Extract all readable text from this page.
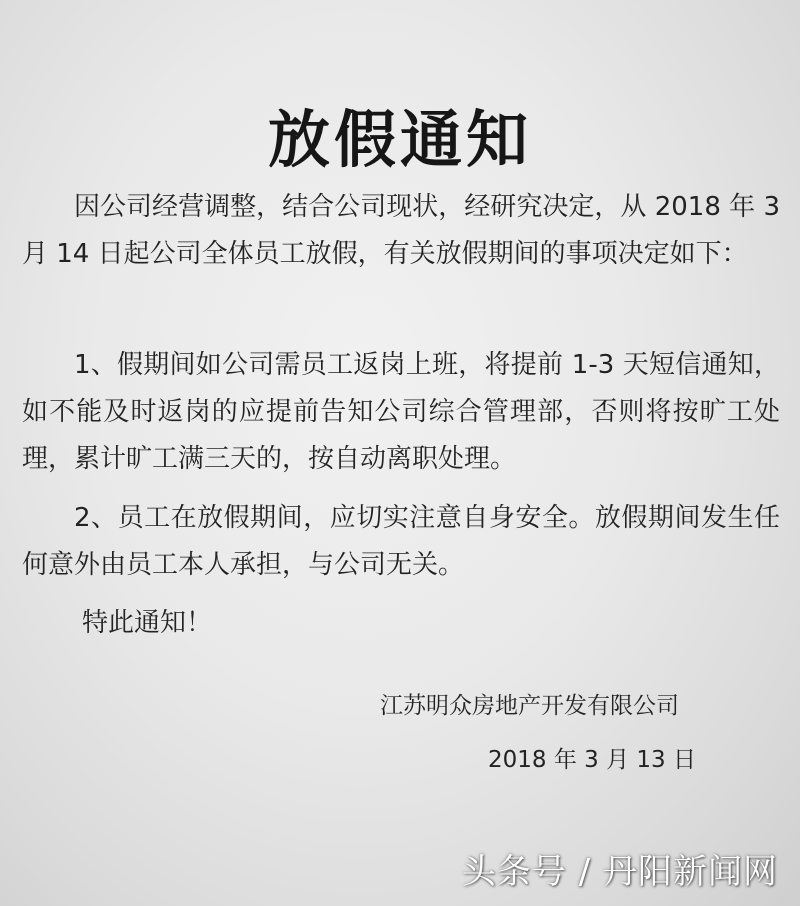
放假通知

因公司经营调整，结合公司现状，经研究决定，从 2018 年 3 月 14 日起公司全体员工放假，有关放假期间的事项决定如下：

1、假期间如公司需员工返岗上班，将提前 1-3 天短信通知，如不能及时返岗的应提前告知公司综合管理部，否则将按旷工处理，累计旷工满三天的，按自动离职处理。

2、员工在放假期间，应切实注意自身安全。放假期间发生任何意外由员工本人承担，与公司无关。

特此通知！
江苏明众房地产开发有限公司
2018 年 3 月 13 日
头条号 / 丹阳新闻网
